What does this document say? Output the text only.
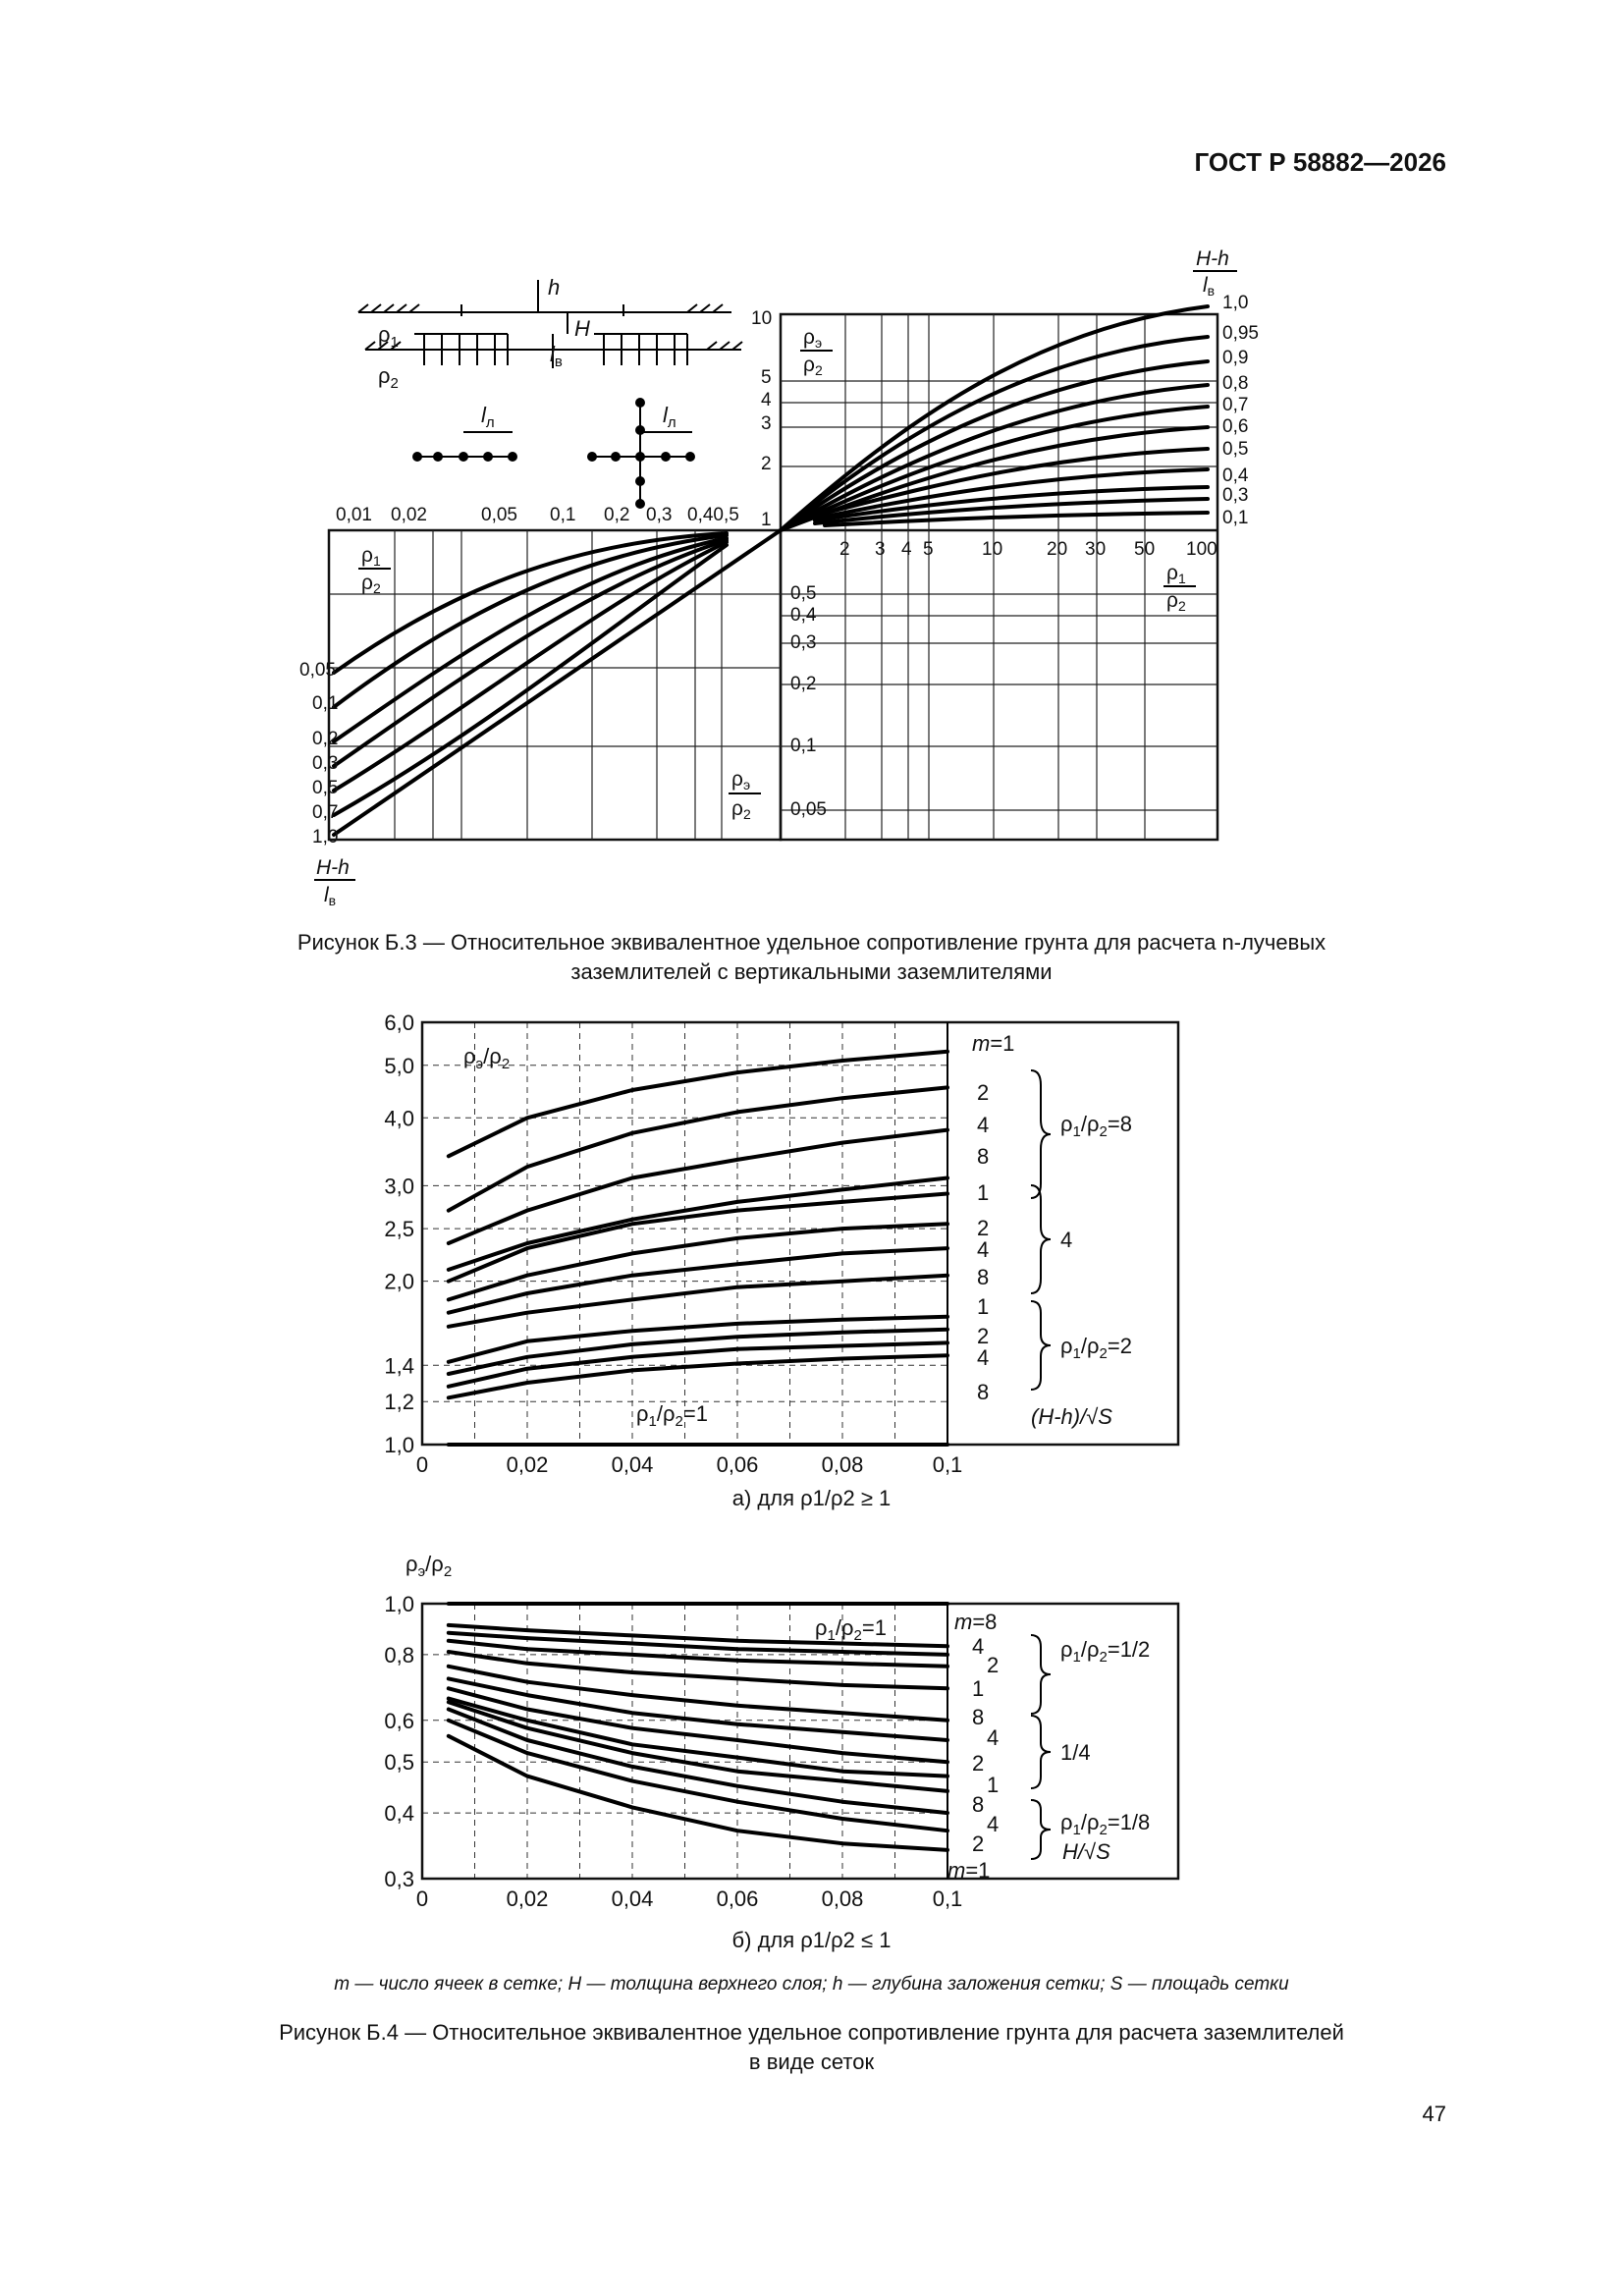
ГОСТ Р 58882—2026
h
H
$\rho_1$
$\rho_2$
$l_в$
$l_л$	$l_л$
10
5
4
3
2
1
0,01 0,02	0,05 0,1 0,2 0,3 0,40,5
2 3 4 5	10 20 30 50 100
0,5
0,4
0,3
0,2
0,1
0,05
1,0
0,95
0,9
0,8
0,7
0,6
0,5
0,4
0,3
0,1
0,05
0,1
0,2
0,3
0,5
0,7
1,0
ρэ
ρ2
H-h
lв
ρ1
ρ2
ρ1
ρ2
ρэ
ρ2
H-h
lв
Рисунок Б.3 — Относительное эквивалентное удельное сопротивление грунта для расчета n-лучевых
заземлителей с вертикальными заземлителями
0	0,02	0,04	0,06	0,08	0,1
1,0
1,2
1,4
2,0
2,5
3,0
4,0
5,0
6,0
$\rho_э/\rho_2$
(H-h)/√S
$\rho_1/\rho_2=1$
m=1
2
4
8
1
2
4
8
1
2
4
8
$\rho_1/\rho_2=8$
4
$\rho_1/\rho_2=2$
а) для ρ1/ρ2 ≥ 1
$\rho_э/\rho_2$
0	0,02	0,04	0,06	0,08	0,1
0,3
0,4
0,5
0,6
0,8
1,0
$\rho_1/\rho_2=1$	m=8
4
2
1
8
4
2
1
8
4
2
m=1
$\rho_1/\rho_2=1/2$
1/4
$\rho_1/\rho_2=1/8$
H/√S
б) для ρ1/ρ2 ≤ 1
m — число ячеек в сетке; H — толщина верхнего слоя; h — глубина заложения сетки; S — площадь сетки
Рисунок Б.4 — Относительное эквивалентное удельное сопротивление грунта для расчета заземлителей
в виде сеток
47
